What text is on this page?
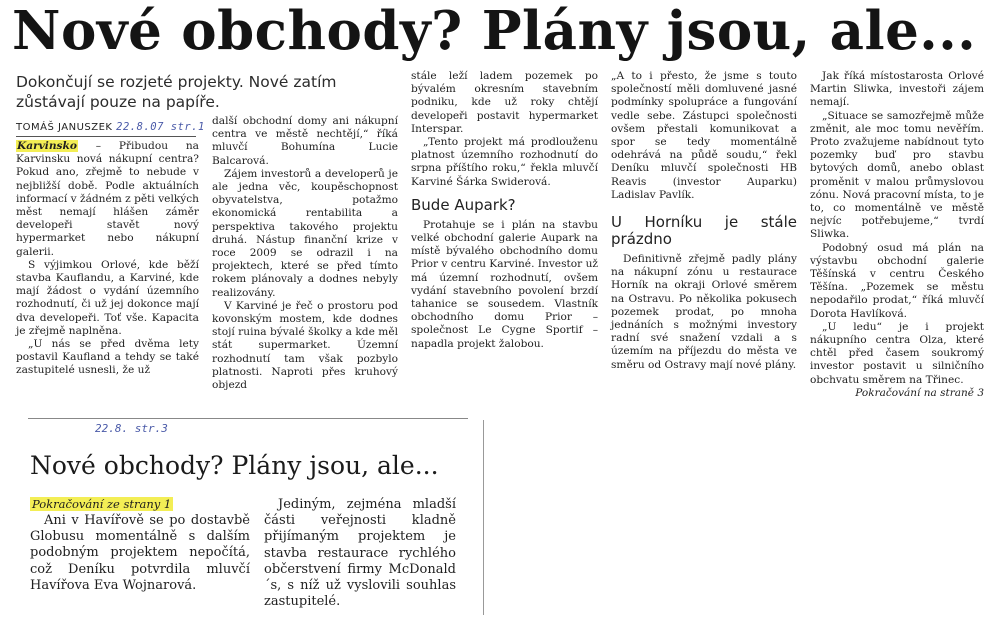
Nové obchody? Plány jsou, ale...
Dokončují se rozjeté projekty. Nové zatím zůstávají pouze na papíře.
TOMÁŠ JANUSZEK 22.8.07 str.1

Karvinsko – Přibudou na Karvinsku nová nákupní centra? Pokud ano, zřejmě to nebude v nejbližší době. Podle aktuálních informací v žádném z pěti velkých měst nemají hlášen záměr developeři stavět nový hypermarket nebo nákupní galerii.

S výjimkou Orlové, kde běží stavba Kauflandu, a Karviné, kde mají žádost o vydání územního rozhodnutí, či už jej dokonce mají dva developeři. Toť vše. Kapacita je zřejmě naplněna.

„U nás se před dvěma lety postavil Kaufland a tehdy se také zastupitelé usnesli, že už

další obchodní domy ani nákupní centra ve městě nechtějí,“ říká mluvčí Bohumína Lucie Balcarová.

Zájem investorů a developerů je ale jedna věc, koupěschopnost obyvatelstva, potažmo ekonomická rentabilita a perspektiva takového projektu druhá. Nástup finanční krize v roce 2009 se odrazil i na projektech, které se před tímto rokem plánovaly a dodnes nebyly realizovány.

V Karviné je řeč o prostoru pod kovonským mostem, kde dodnes stojí ruina bývalé školky a kde měl stát supermarket. Územní rozhodnutí tam však pozbylo platnosti. Naproti přes kruhový objezd

stále leží ladem pozemek po bývalém okresním stavebním podniku, kde už roky chtějí developeři postavit hypermarket Interspar.

„Tento projekt má prodlouženu platnost územního rozhodnutí do srpna příštího roku,“ řekla mluvčí Karviné Šárka Swiderová.

Bude Aupark?

Protahuje se i plán na stavbu velké obchodní galerie Aupark na místě bývalého obchodního domu Prior v centru Karviné. Investor už má územní rozhodnutí, ovšem vydání stavebního povolení brzdí tahanice se sousedem. Vlastník obchodního domu Prior – společnost Le Cygne Sportif – napadla projekt žalobou.

„A to i přesto, že jsme s touto společností měli domluvené jasné podmínky spolupráce a fungování vedle sebe. Zástupci společnosti ovšem přestali komunikovat a spor se tedy momentálně odehrává na půdě soudu,“ řekl Deníku mluvčí společnosti HB Reavis (investor Auparku) Ladislav Pavlík.

U Horníku je stále prázdno

Definitivně zřejmě padly plány na nákupní zónu u restaurace Horník na okraji Orlové směrem na Ostravu. Po několika pokusech pozemek prodat, po mnoha jednáních s možnými investory radní své snažení vzdali a s územím na příjezdu do města ve směru od Ostravy mají nové plány.

Jak říká místostarosta Orlové Martin Sliwka, investoři zájem nemají.

„Situace se samozřejmě může změnit, ale moc tomu nevěřím. Proto zvažujeme nabídnout tyto pozemky buď pro stavbu bytových domů, anebo oblast proměnit v malou průmyslovou zónu. Nová pracovní místa, to je to, co momentálně ve městě nejvíc potřebujeme,“ tvrdí Sliwka.

Podobný osud má plán na výstavbu obchodní galerie Těšínská v centru Českého Těšína. „Pozemek se městu nepodařilo prodat,“ říká mluvčí Dorota Havlíková.

„U ledu“ je i projekt nákupního centra Olza, které chtěl před časem soukromý investor postavit u silničního obchvatu směrem na Třinec.

Pokračování na straně 3
22.8. str.3
Nové obchody? Plány jsou, ale...
Pokračování ze strany 1

Ani v Havířově se po dostavbě Globusu momentálně s dalším podobným projektem nepočítá, což Deníku potvrdila mluvčí Havířova Eva Wojnarová.

Jediným, zejména mladší části veřejnosti kladně přijímaným projektem je stavba restaurace rychlého občerstvení firmy McDonald´s, s níž už vyslovili souhlas zastupitelé.
